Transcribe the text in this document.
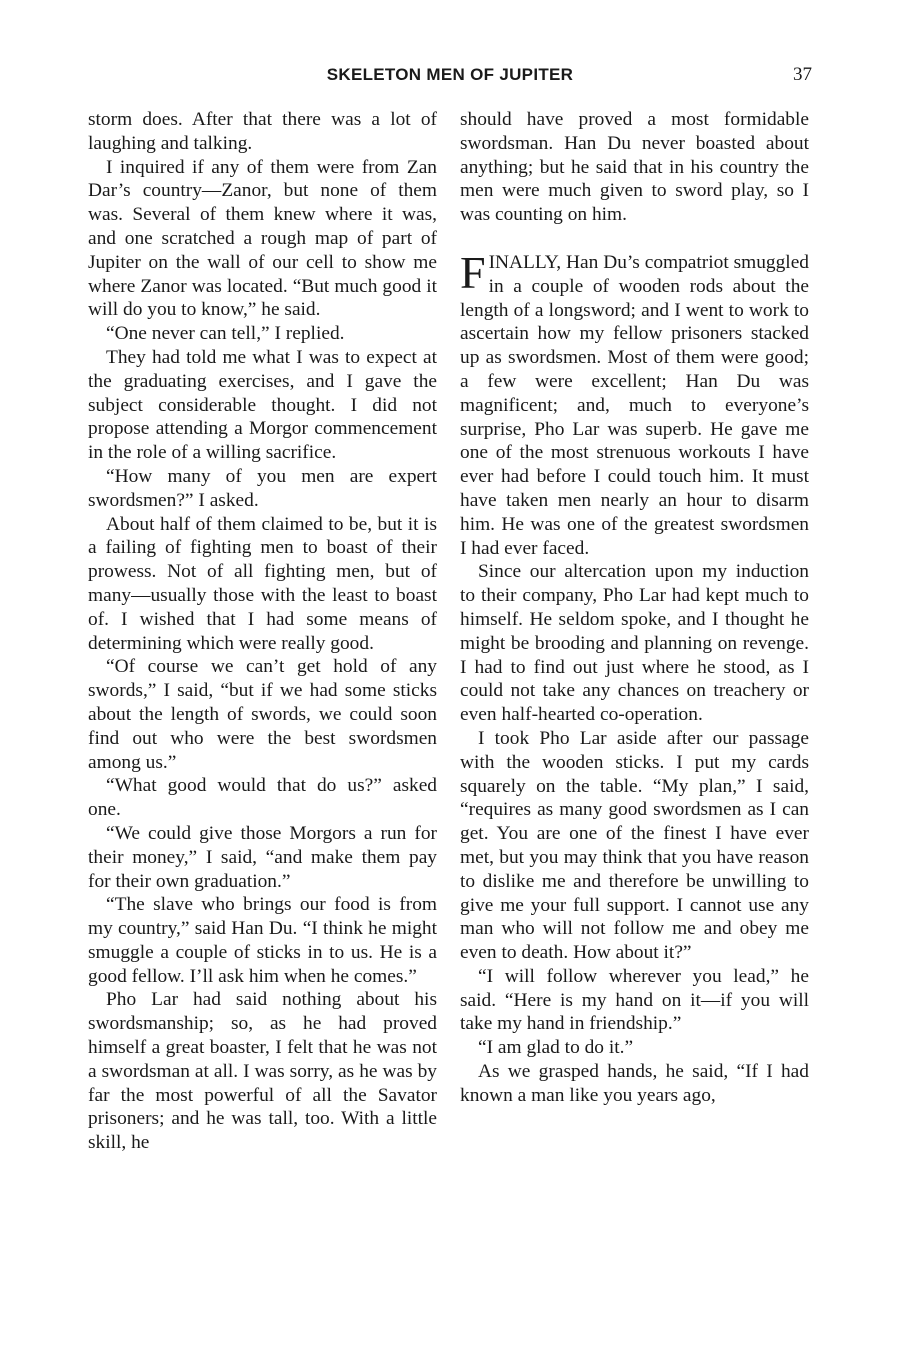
SKELETON MEN OF JUPITER	37

storm does. After that there was a lot of laughing and talking.

I inquired if any of them were from Zan Dar’s country—Zanor, but none of them was. Several of them knew where it was, and one scratched a rough map of part of Jupiter on the wall of our cell to show me where Zanor was located. “But much good it will do you to know,” he said.

“One never can tell,” I replied.

They had told me what I was to expect at the graduating exercises, and I gave the subject considerable thought. I did not propose attending a Morgor commencement in the role of a willing sacrifice.

“How many of you men are expert swordsmen?” I asked.

About half of them claimed to be, but it is a failing of fighting men to boast of their prowess. Not of all fighting men, but of many—usually those with the least to boast of. I wished that I had some means of determining which were really good.

“Of course we can’t get hold of any swords,” I said, “but if we had some sticks about the length of swords, we could soon find out who were the best swordsmen among us.”

“What good would that do us?” asked one.

“We could give those Morgors a run for their money,” I said, “and make them pay for their own graduation.”

“The slave who brings our food is from my country,” said Han Du. “I think he might smuggle a couple of sticks in to us. He is a good fellow. I’ll ask him when he comes.”

Pho Lar had said nothing about his swordsmanship; so, as he had proved himself a great boaster, I felt that he was not a swordsman at all. I was sorry, as he was by far the most powerful of all the Savator prisoners; and he was tall, too. With a little skill, he

should have proved a most formidable swordsman. Han Du never boasted about anything; but he said that in his country the men were much given to sword play, so I was counting on him.

FINALLY, Han Du’s compatriot smuggled in a couple of wooden rods about the length of a longsword; and I went to work to ascertain how my fellow prisoners stacked up as swordsmen. Most of them were good; a few were excellent; Han Du was magnificent; and, much to everyone’s surprise, Pho Lar was superb. He gave me one of the most strenuous workouts I have ever had before I could touch him. It must have taken men nearly an hour to disarm him. He was one of the greatest swordsmen I had ever faced.

Since our altercation upon my induction to their company, Pho Lar had kept much to himself. He seldom spoke, and I thought he might be brooding and planning on revenge. I had to find out just where he stood, as I could not take any chances on treachery or even half-hearted co-operation.

I took Pho Lar aside after our passage with the wooden sticks. I put my cards squarely on the table. “My plan,” I said, “requires as many good swordsmen as I can get. You are one of the finest I have ever met, but you may think that you have reason to dislike me and therefore be unwilling to give me your full support. I cannot use any man who will not follow me and obey me even to death. How about it?”

“I will follow wherever you lead,” he said. “Here is my hand on it—if you will take my hand in friendship.”

“I am glad to do it.”

As we grasped hands, he said, “If I had known a man like you years ago,
